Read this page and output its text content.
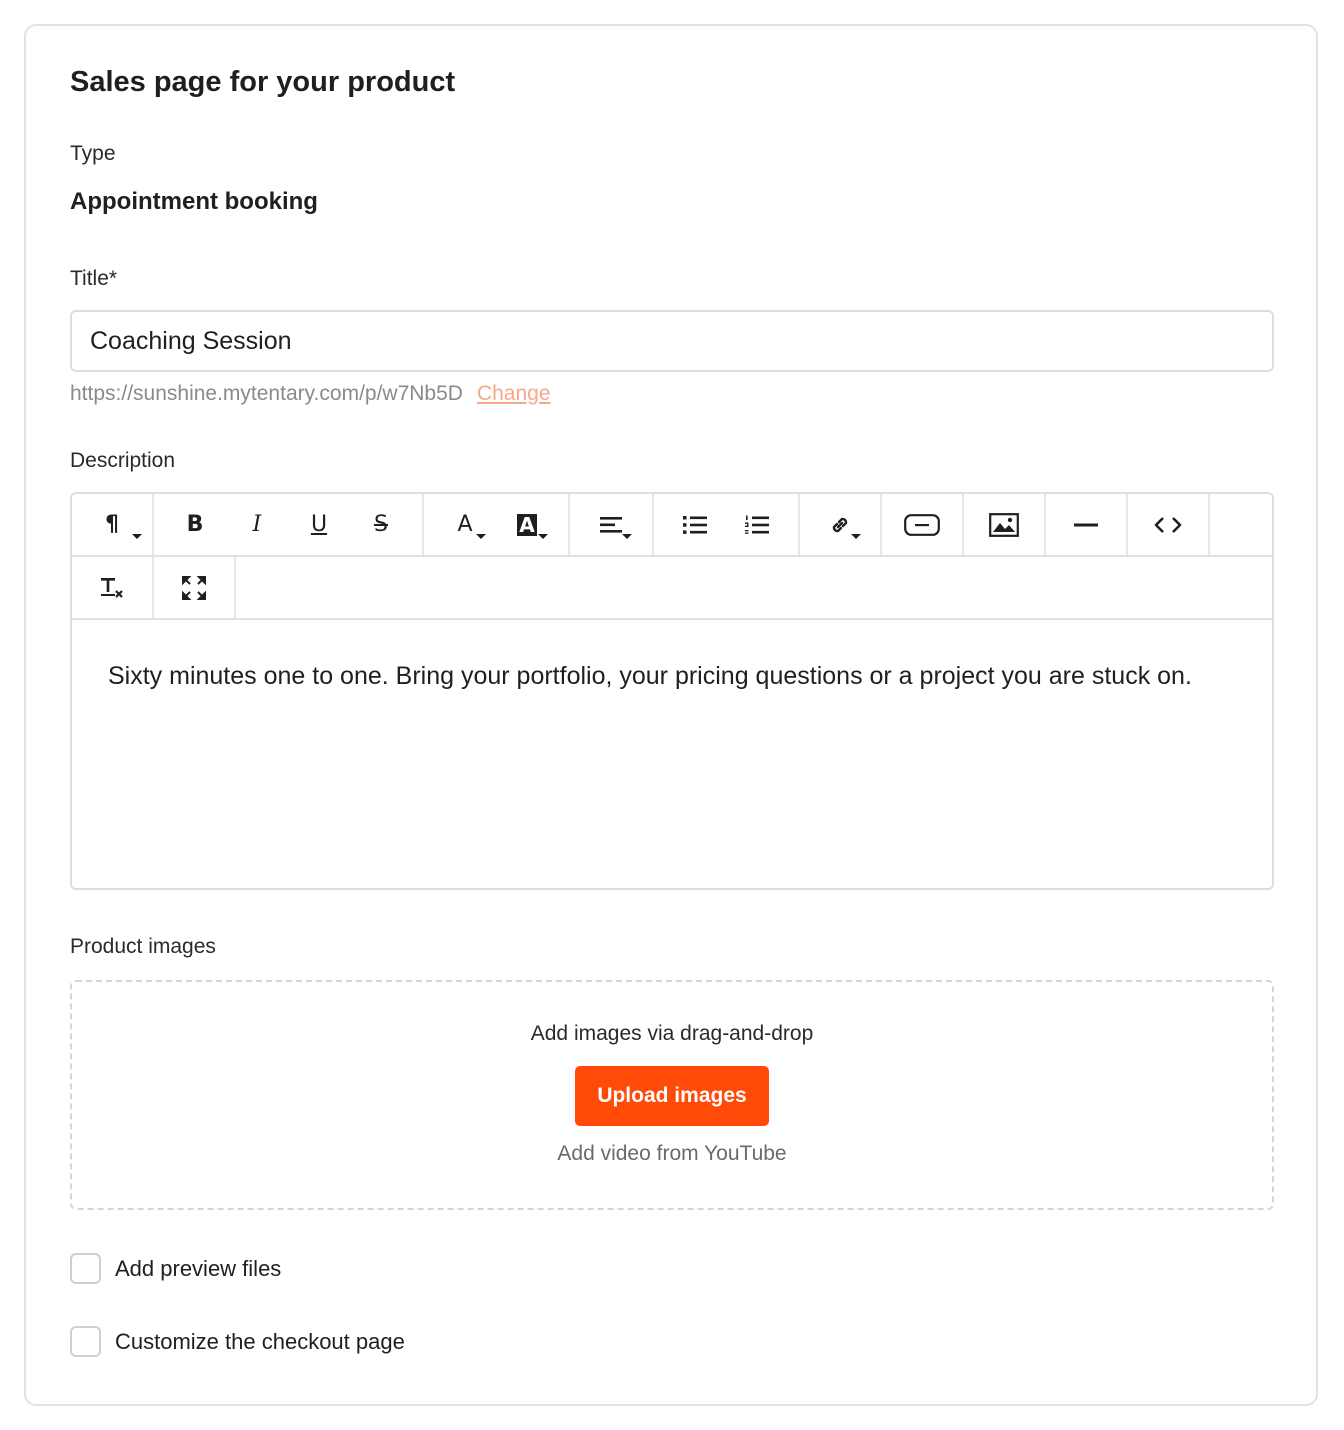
Sales page for your product
Type
Appointment booking
Title*
Coaching Session
https://sunshine.mytentary.com/p/w7Nb5D Change
Description
¶	B I U S	A A

Sixty minutes one to one. Bring your portfolio, your pricing questions or a project you are stuck on.

Product images
Add images via drag-and-drop
Upload images
Add video from YouTube
Add preview files
Customize the checkout page
